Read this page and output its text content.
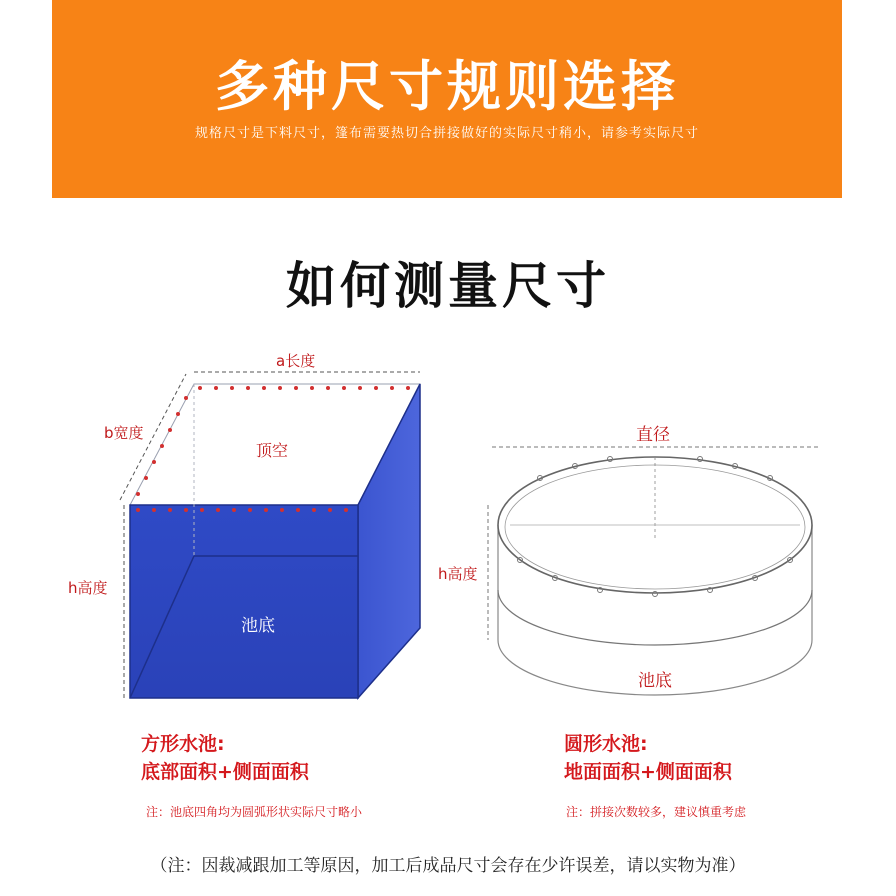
多种尺寸规则选择
规格尺寸是下料尺寸，篷布需要热切合拼接做好的实际尺寸稍小，请参考实际尺寸
如何测量尺寸
a长度
b宽度
h高度
顶空
池底
直径
h高度
池底
方形水池:
底部面积+侧面面积
注：池底四角均为圆弧形状实际尺寸略小
圆形水池:
地面面积+侧面面积
注：拼接次数较多，建议慎重考虑
（注：因裁减跟加工等原因，加工后成品尺寸会存在少许误差，请以实物为准）
